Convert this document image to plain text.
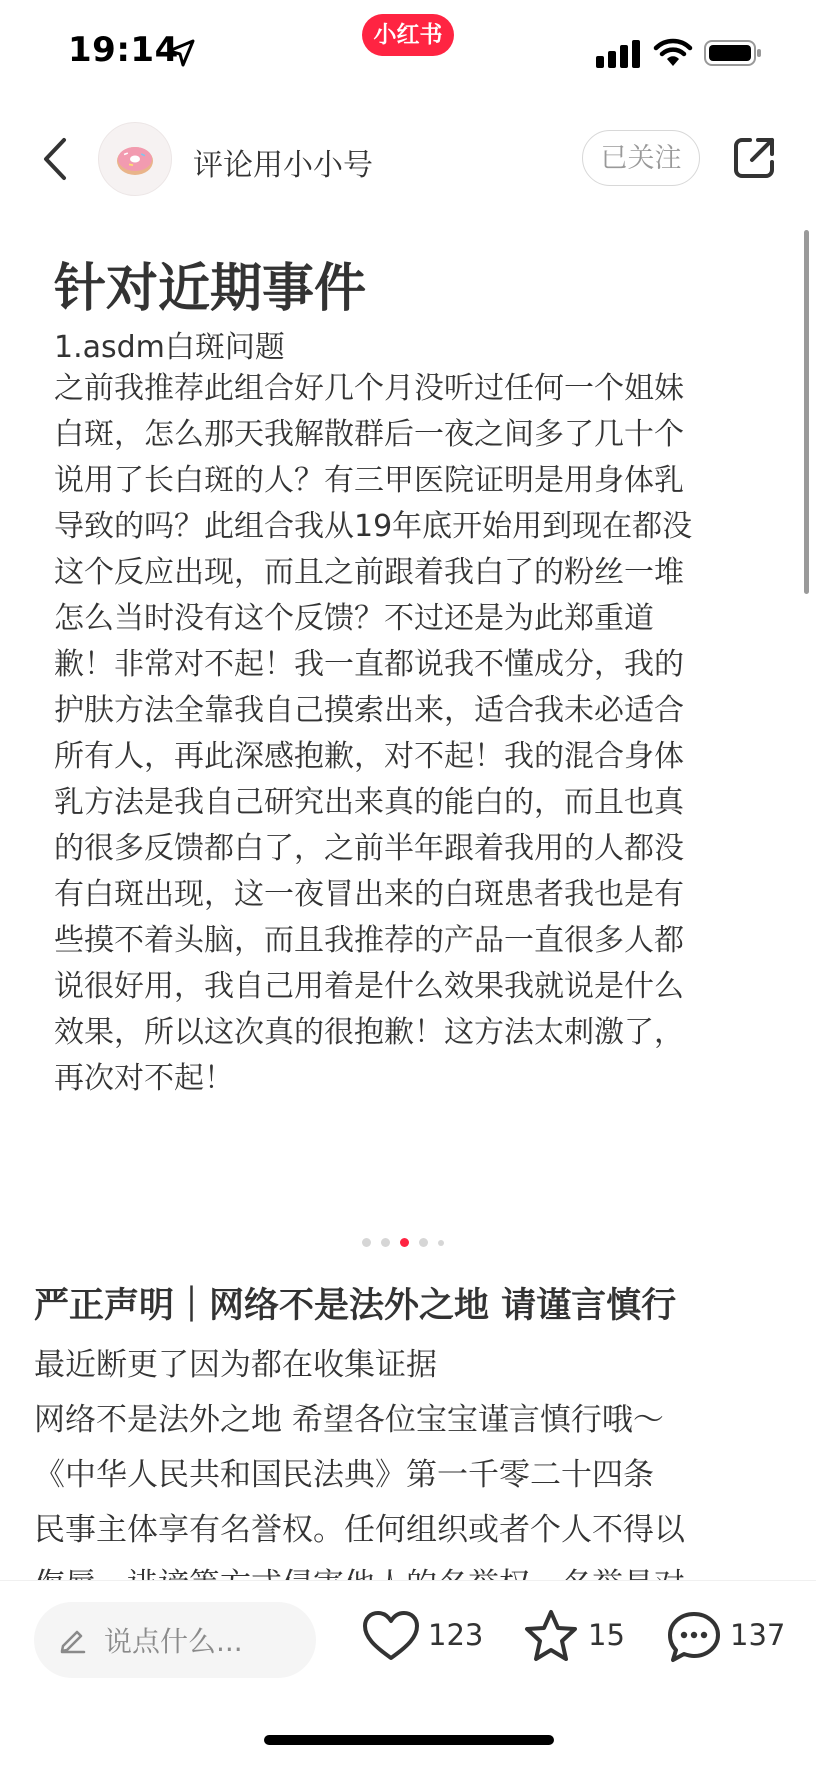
19:14	小红书
评论用小小号	已关注
针对近期事件
1.asdm白斑问题
之前我推荐此组合好几个月没听过任何一个姐妹
白斑，怎么那天我解散群后一夜之间多了几十个
说用了长白斑的人？有三甲医院证明是用身体乳
导致的吗？此组合我从19年底开始用到现在都没
这个反应出现，而且之前跟着我白了的粉丝一堆
怎么当时没有这个反馈？不过还是为此郑重道
歉！非常对不起！我一直都说我不懂成分，我的
护肤方法全靠我自己摸索出来，适合我未必适合
所有人，再此深感抱歉，对不起！我的混合身体
乳方法是我自己研究出来真的能白的，而且也真
的很多反馈都白了，之前半年跟着我用的人都没
有白斑出现，这一夜冒出来的白斑患者我也是有
些摸不着头脑，而且我推荐的产品一直很多人都
说很好用，我自己用着是什么效果我就说是什么
效果，所以这次真的很抱歉！这方法太刺激了，
再次对不起！
严正声明｜网络不是法外之地 请谨言慎行
最近断更了因为都在收集证据
网络不是法外之地 希望各位宝宝谨言慎行哦～
《中华人民共和国民法典》第一千零二十四条
民事主体享有名誉权。任何组织或者个人不得以
说点什么...	123	15	137
